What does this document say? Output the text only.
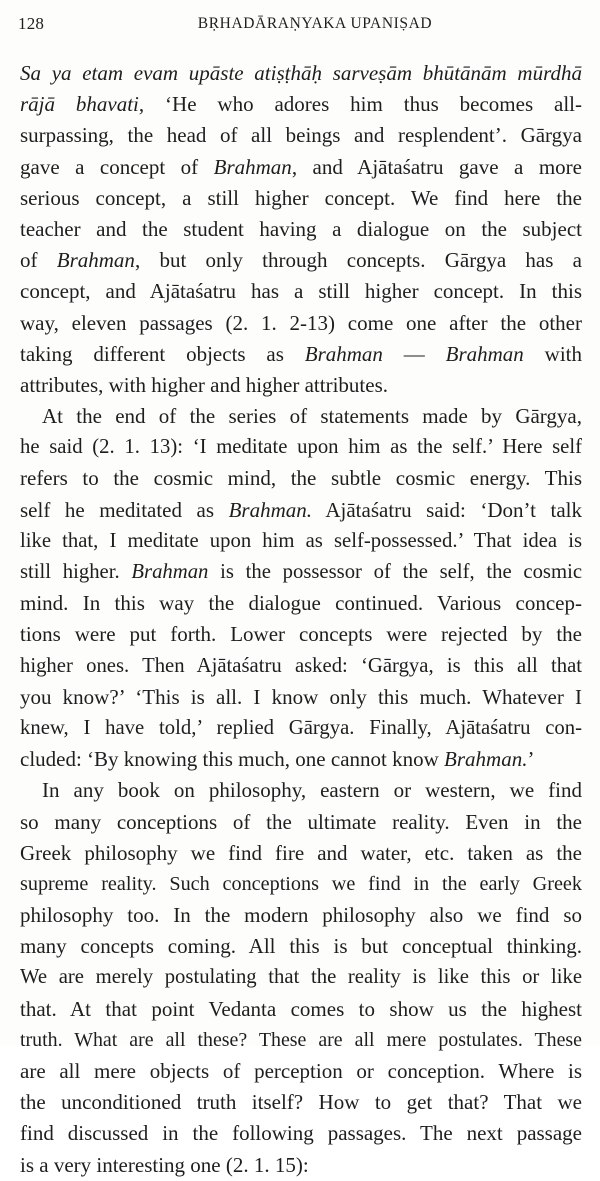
128	BṚHADĀRAṆYAKA UPANIṢAD
Sa ya etam evam upāste atiṣṭhāḥ sarveṣām bhūtānām mūrdhā
rājā bhavati, ‘He who adores him thus becomes all-
surpassing, the head of all beings and resplendent’. Gārgya
gave a concept of Brahman, and Ajātaśatru gave a more
serious concept, a still higher concept. We find here the
teacher and the student having a dialogue on the subject
of Brahman, but only through concepts. Gārgya has a
concept, and Ajātaśatru has a still higher concept. In this
way, eleven passages (2. 1. 2-13) come one after the other
taking different objects as Brahman — Brahman with
attributes, with higher and higher attributes.
At the end of the series of statements made by Gārgya,
he said (2. 1. 13): ‘I meditate upon him as the self.’ Here self
refers to the cosmic mind, the subtle cosmic energy. This
self he meditated as Brahman. Ajātaśatru said: ‘Don’t talk
like that, I meditate upon him as self-possessed.’ That idea is
still higher. Brahman is the possessor of the self, the cosmic
mind. In this way the dialogue continued. Various concep-
tions were put forth. Lower concepts were rejected by the
higher ones. Then Ajātaśatru asked: ‘Gārgya, is this all that
you know?’ ‘This is all. I know only this much. Whatever I
knew, I have told,’ replied Gārgya. Finally, Ajātaśatru con-
cluded: ‘By knowing this much, one cannot know Brahman.’
In any book on philosophy, eastern or western, we find
so many conceptions of the ultimate reality. Even in the
Greek philosophy we find fire and water, etc. taken as the
supreme reality. Such conceptions we find in the early Greek
philosophy too. In the modern philosophy also we find so
many concepts coming. All this is but conceptual thinking.
We are merely postulating that the reality is like this or like
that. At that point Vedanta comes to show us the highest
truth. What are all these? These are all mere postulates. These
are all mere objects of perception or conception. Where is
the unconditioned truth itself? How to get that? That we
find discussed in the following passages. The next passage
is a very interesting one (2. 1. 15):
